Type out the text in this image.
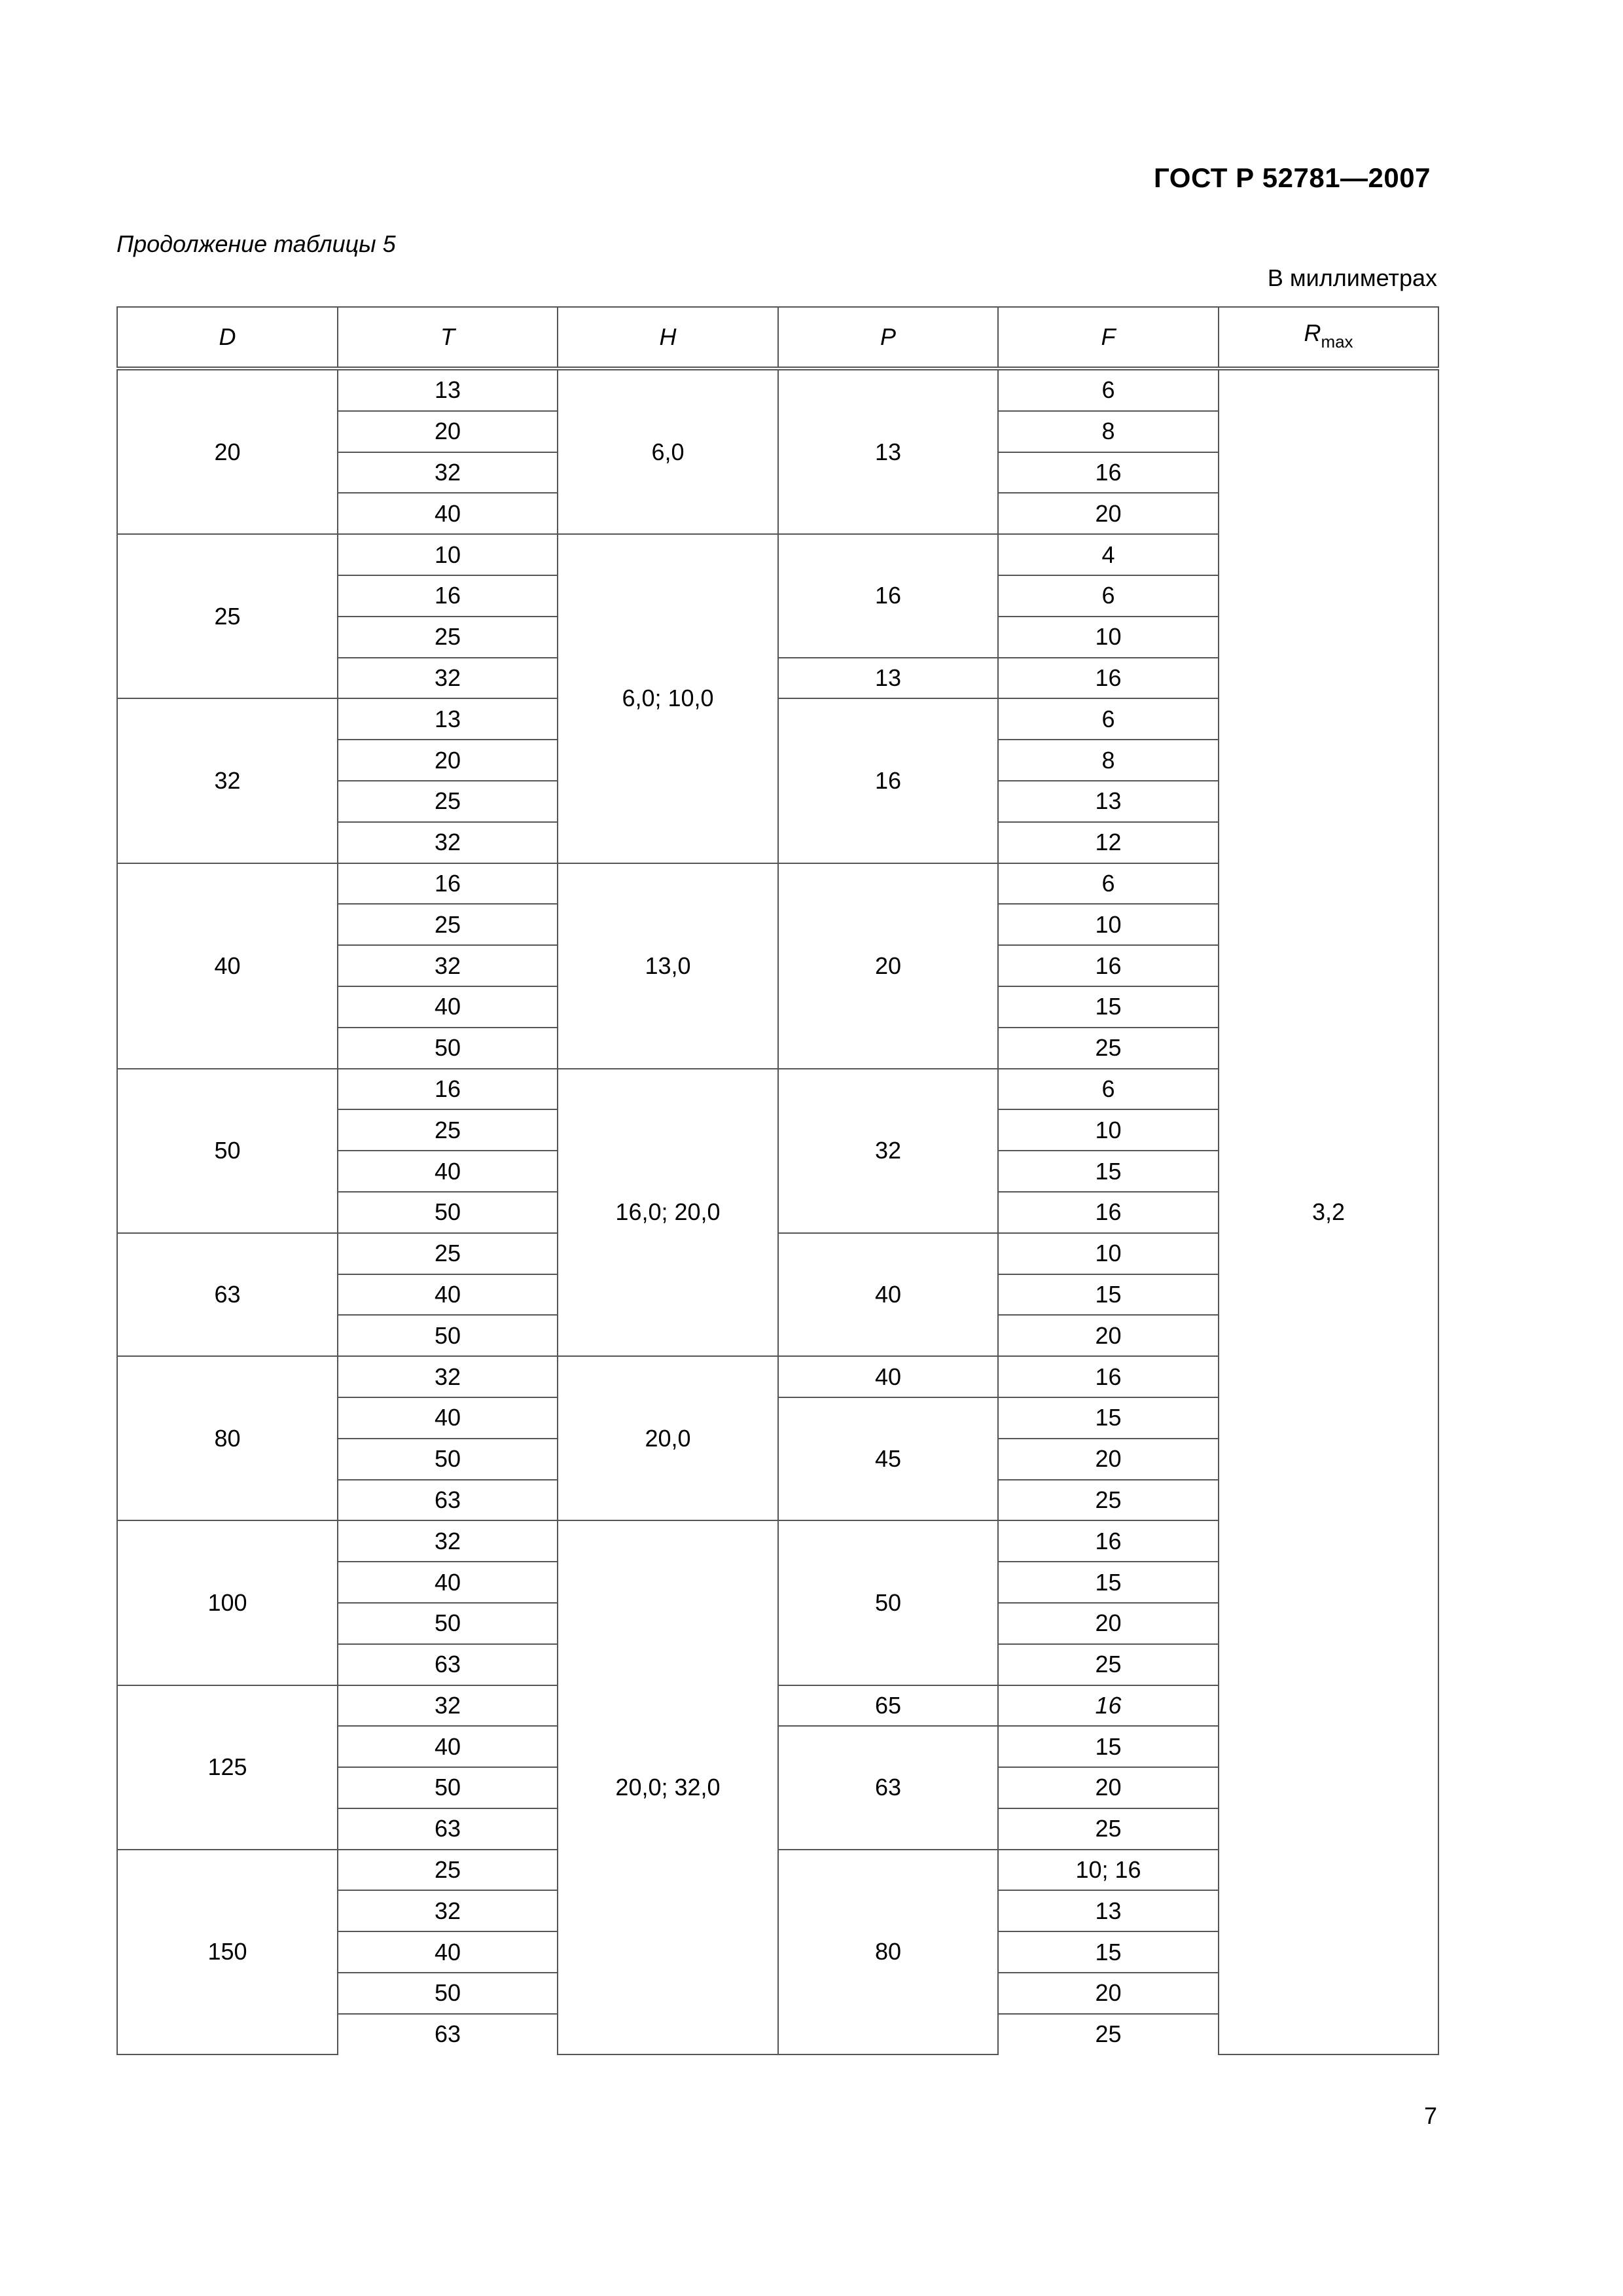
ГОСТ Р 52781—2007
Продолжение таблицы 5
В миллиметрах
D	T	H	P	F	$R_{max}$
20	13	6,0	13	6	3,2
	20			8	
	32			16	
	40			20	
25	10	6,0; 10,0	16	4	
	16			6	
	25			10	
	32		13	16	
32	13		16	6	
	20			8	
	25			13	
	32			12	
40	16	13,0	20	6	
	25			10	
	32			16	
	40			15	
	50			25	
50	16	16,0; 20,0	32	6	
	25			10	
	40			15	
	50			16	
63	25		40	10	
	40			15	
	50			20	
80	32	20,0	40	16	
	40		45	15	
	50			20	
	63			25	
100	32	20,0; 32,0	50	16	
	40			15	
	50			20	
	63			25	
125	32		65	16	
	40		63	15	
	50			20	
	63			25	
150	25		80	10; 16	
	32			13	
	40			15	
	50			20	
	63			25	
7
